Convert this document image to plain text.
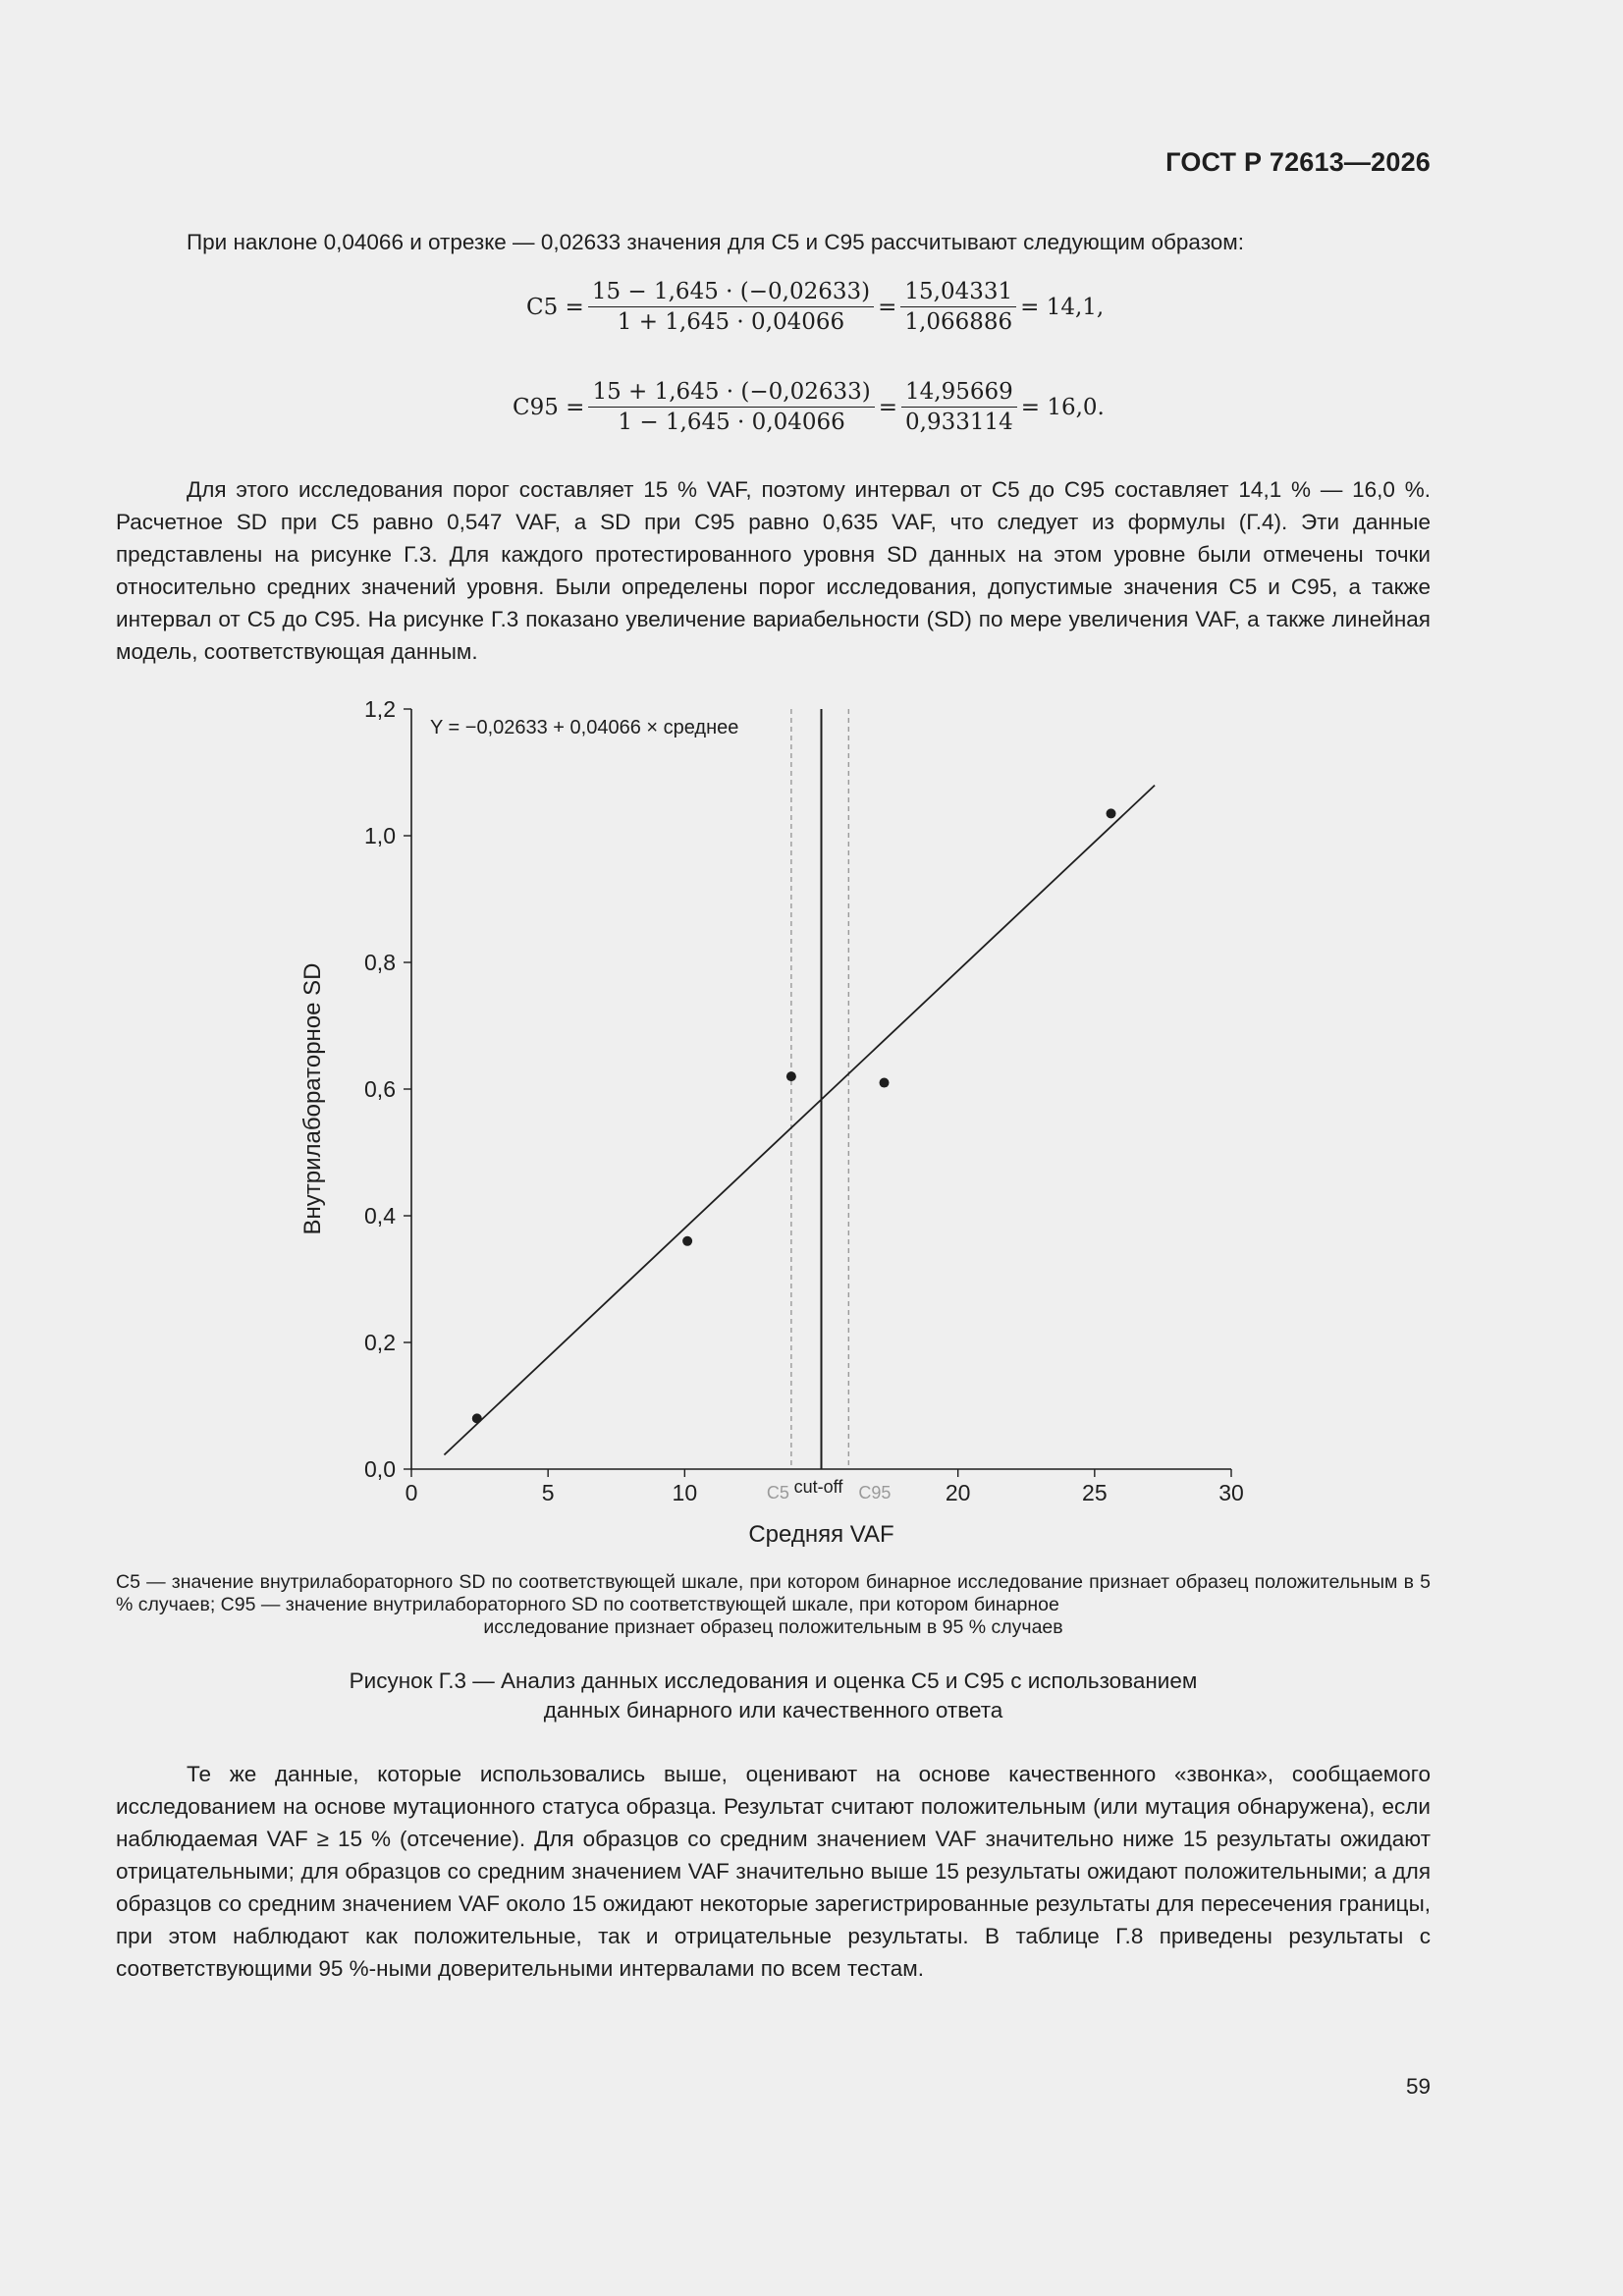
ГОСТ Р 72613—2026

При наклоне 0,04066 и отрезке — 0,02633 значения для C5 и C95 рассчитывают следующим образом:

$C5 = \frac{15 - 1,645 \cdot (-0,02633)}{1 + 1,645 \cdot 0,04066} = \frac{15,04331}{1,066886} = 14,1$,
$C95 = \frac{15 + 1,645 \cdot (-0,02633)}{1 - 1,645 \cdot 0,04066} = \frac{14,95669}{0,933114} = 16,0$.

Для этого исследования порог составляет 15 % VAF, поэтому интервал от C5 до C95 составляет 14,1 % — 16,0 %. Расчетное SD при C5 равно 0,547 VAF, а SD при C95 равно 0,635 VAF, что следует из формулы (Г.4). Эти данные представлены на рисунке Г.3. Для каждого протестированного уровня SD данных на этом уровне были отмечены точки относительно средних значений уровня. Были определены порог исследования, допустимые значения C5 и C95, а также интервал от C5 до C95. На рисунке Г.3 показано увеличение вариабельности (SD) по мере увеличения VAF, а также линейная модель, соответствующая данным.

0,0
0,2
0,4
0,6
0,8
1,0
1,2
0	5	10	20	25	30
C5 cut-off C95
Y = −0,02633 + 0,04066 × среднее
Средняя VAF
Внутрилабораторное SD
C5 — значение внутрилабораторного SD по соответствующей шкале, при котором бинарное исследование признает образец положительным в 5 % случаев; C95 — значение внутрилабораторного SD по соответствующей шкале, при котором бинарное
исследование признает образец положительным в 95 % случаев
Рисунок Г.3 — Анализ данных исследования и оценка C5 и C95 с использованием
данных бинарного или качественного ответа

Те же данные, которые использовались выше, оценивают на основе качественного «звонка», сообщаемого исследованием на основе мутационного статуса образца. Результат считают положительным (или мутация обнаружена), если наблюдаемая VAF ≥ 15 % (отсечение). Для образцов со средним значением VAF значительно ниже 15 результаты ожидают отрицательными; для образцов со средним значением VAF значительно выше 15 результаты ожидают положительными; а для образцов со средним значением VAF около 15 ожидают некоторые зарегистрированные результаты для пересечения границы, при этом наблюдают как положительные, так и отрицательные результаты. В таблице Г.8 приведены результаты с соответствующими 95 %-ными доверительными интервалами по всем тестам.

59
